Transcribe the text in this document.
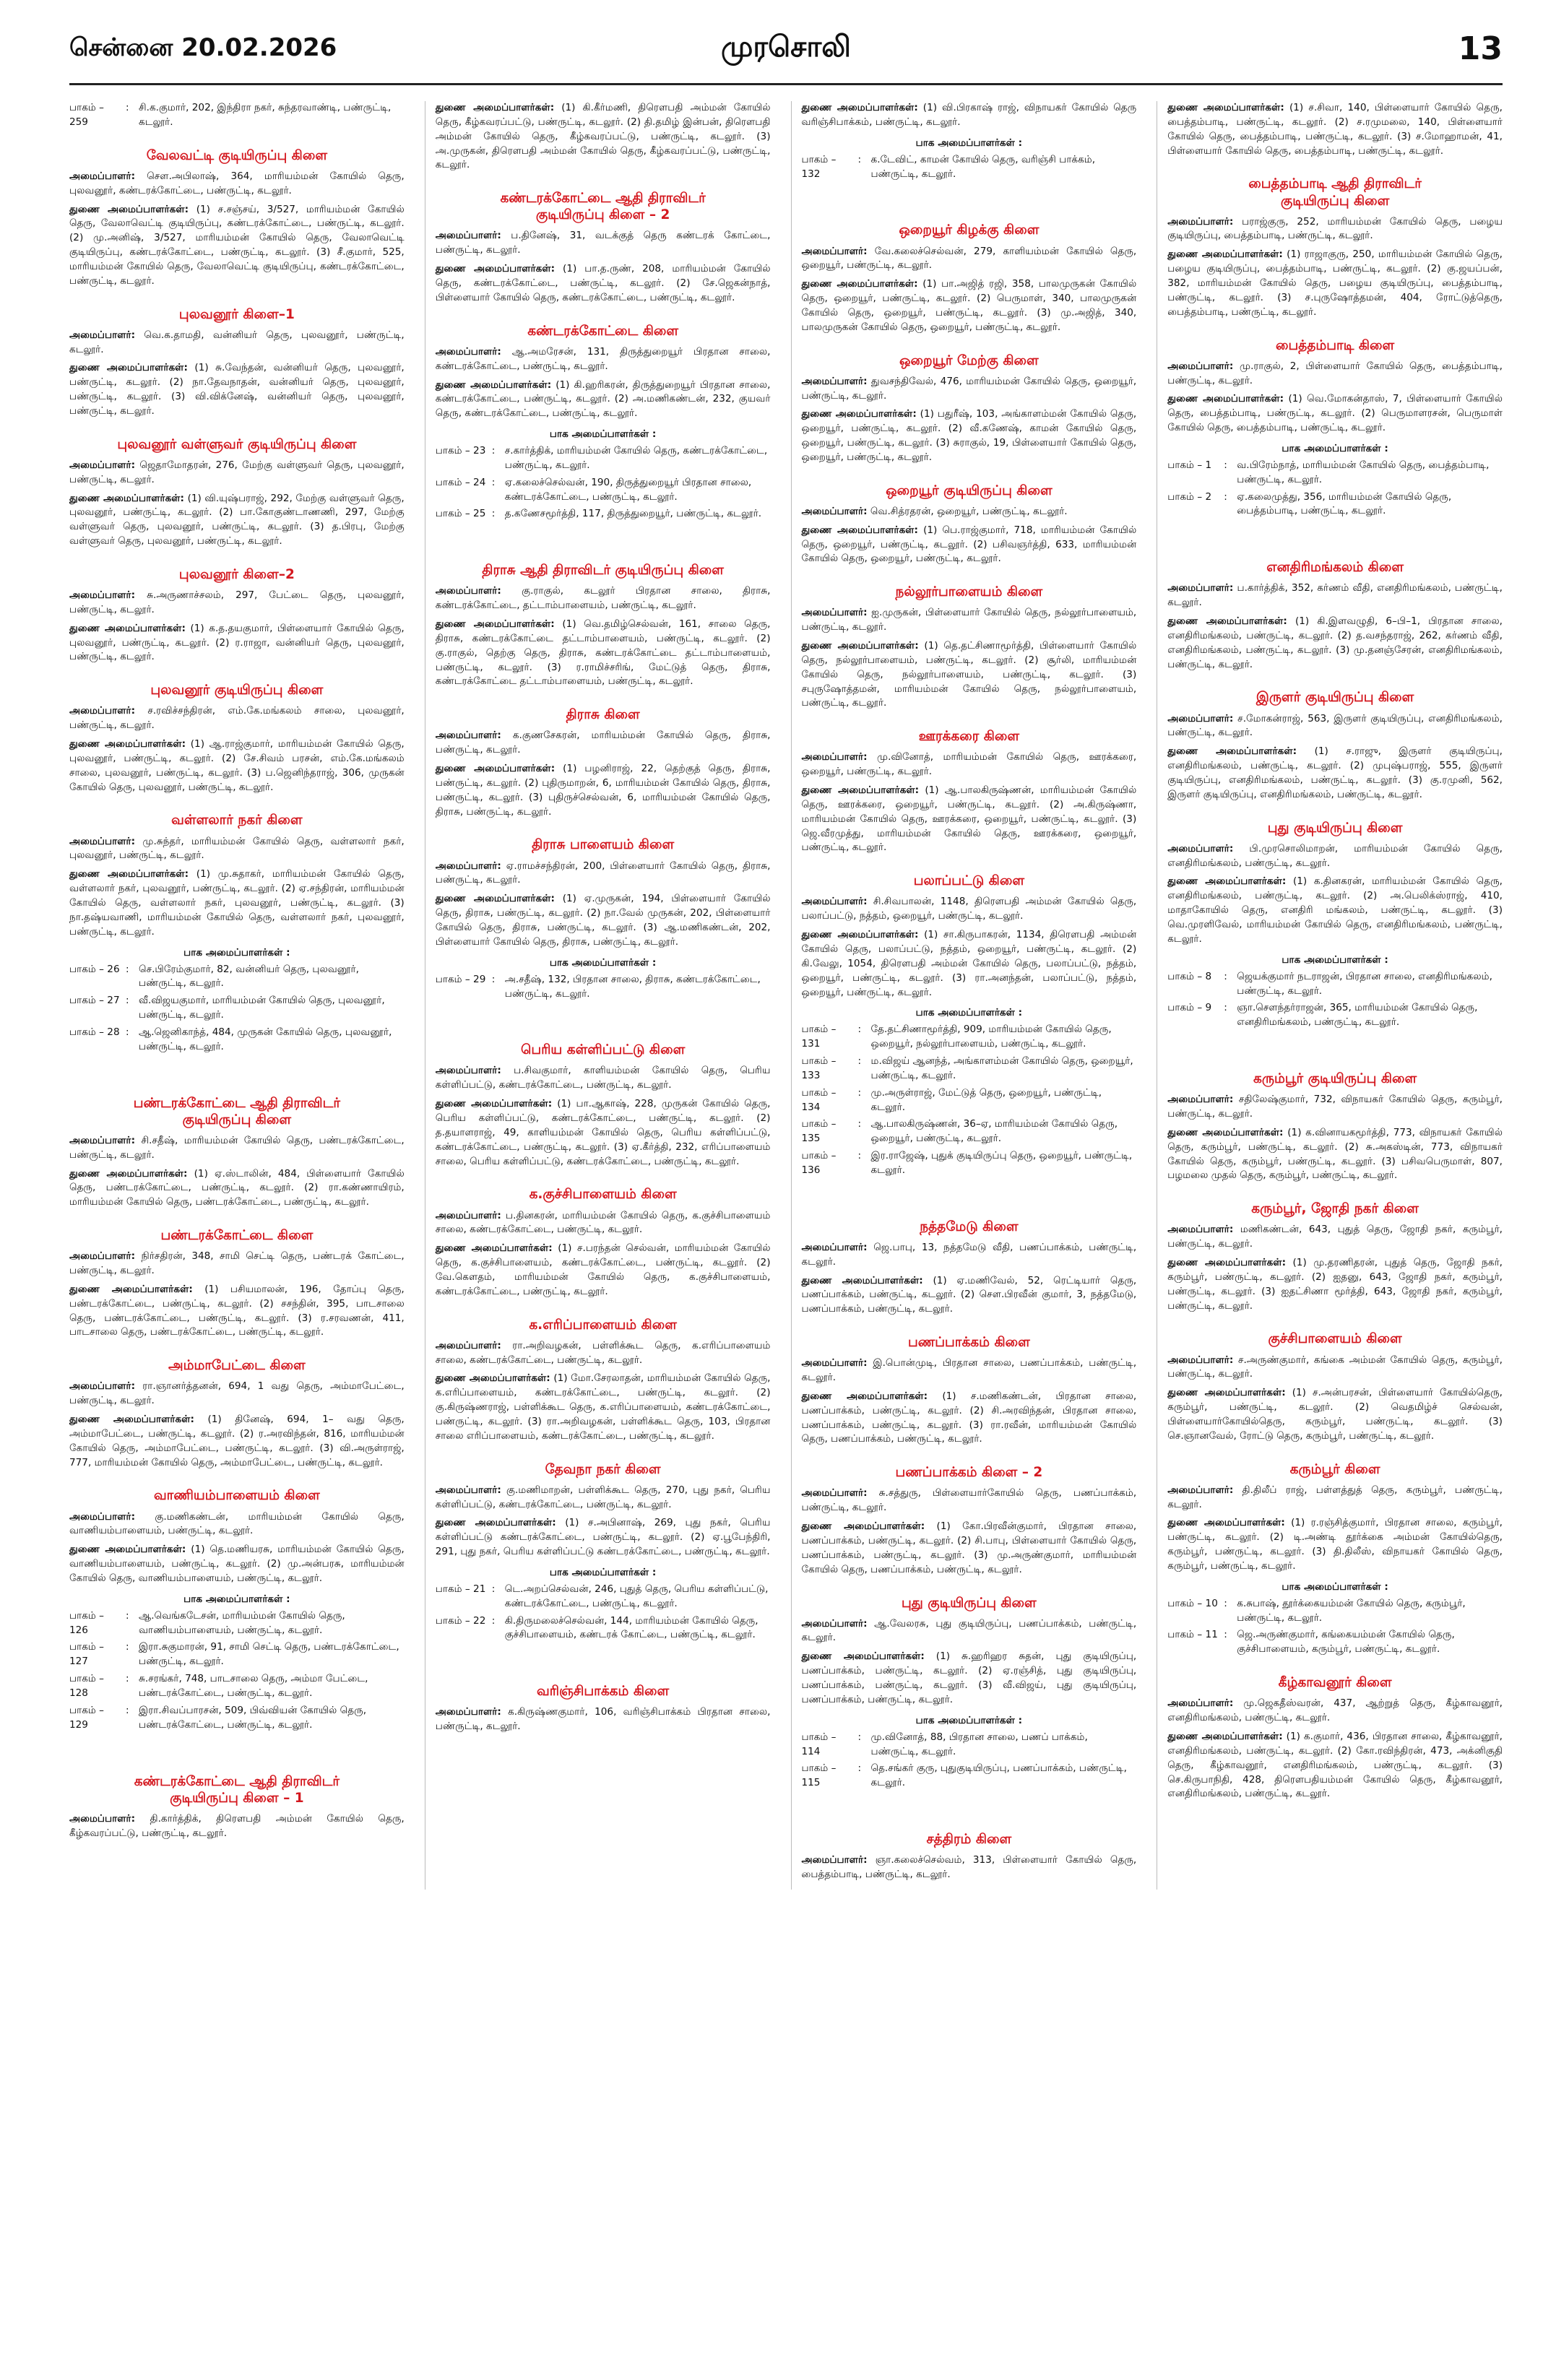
சென்னை 20.02.2026	முரசொலி	13
பாகம் – 259
: சி.க.குமார், 202, இந்திரா நகர், சுந்தரவாண்டி, பண்ருட்டி, கடலூர்.
வேலவட்டி குடியிருப்பு கிளை
அமைப்பாளர்: சௌ.அபிலாஷ், 364, மாரியம்மன் கோயில் தெரு, புலவனூர், கண்டரக்கோட்டை, பண்ருட்டி, கடலூர்.
துணை அமைப்பாளர்கள்: (1) ச.சஞ்சய், 3/527, மாரியம்மன் கோயில் தெரு, வேலாவெட்டி குடியிருப்பு, கண்டரக்கோட்டை, பண்ருட்டி, கடலூர். (2) மு.அனிஷ், 3/527, மாரியம்மன் கோயில் தெரு, வேலாவெட்டி குடியிருப்பு, கண்டரக்கோட்டை, பண்ருட்டி, கடலூர். (3) சீ.குமார், 525, மாரியம்மன் கோயில் தெரு, வேலாவெட்டி குடியிருப்பு, கண்டரக்கோட்டை, பண்ருட்டி, கடலூர்.
புலவனூர் கிளை–1
அமைப்பாளர்: வெ.க.தாமதி, வன்னியர் தெரு, புலவனூர், பண்ருட்டி, கடலூர்.
துணை அமைப்பாளர்கள்: (1) சு.வேந்தன், வன்னியர் தெரு, புலவனூர், பண்ருட்டி, கடலூர். (2) நா.தேவநாதன், வன்னியர் தெரு, புலவனூர், பண்ருட்டி, கடலூர். (3) வி.விக்னேஷ், வன்னியர் தெரு, புலவனூர், பண்ருட்டி, கடலூர்.
புலவனூர் வள்ளுவர் குடியிருப்பு கிளை
அமைப்பாளர்: ஜெதாமோதரன், 276, மேற்கு வள்ளுவர் தெரு, புலவனூர், பண்ருட்டி, கடலூர்.
துணை அமைப்பாளர்கள்: (1) வி.யுஷ்பராஜ், 292, மேற்கு வள்ளுவர் தெரு, புலவனூர், பண்ருட்டி, கடலூர். (2) பா.கோகுண்டாணணி, 297, மேற்கு வள்ளுவர் தெரு, புலவனூர், பண்ருட்டி, கடலூர். (3) த.பிரபு, மேற்கு வள்ளுவர் தெரு, புலவனூர், பண்ருட்டி, கடலூர்.
புலவனூர் கிளை–2
அமைப்பாளர்: சு.அருணாச்சலம், 297, பேட்டை தெரு, புலவனூர், பண்ருட்டி, கடலூர்.
துணை அமைப்பாளர்கள்: (1) க.த.தயகுமார், பிள்ளையார் கோயில் தெரு, புலவனூர், பண்ருட்டி, கடலூர். (2) ர.ராஜா, வன்னியர் தெரு, புலவனூர், பண்ருட்டி, கடலூர்.
புலவனூர் குடியிருப்பு கிளை
அமைப்பாளர்: ச.ரவிச்சந்திரன், எம்.கே.மங்கலம் சாலை, புலவனூர், பண்ருட்டி, கடலூர்.
துணை அமைப்பாளர்கள்: (1) ஆ.ராஜ்குமார், மாரியம்மன் கோயில் தெரு, புலவனூர், பண்ருட்டி, கடலூர். (2) சே.சிவம் பரசன், எம்.கே.மங்கலம் சாலை, புலவனூர், பண்ருட்டி, கடலூர். (3) ப.ஜெனிந்தராஜ், 306, முருகன் கோயில் தெரு, புலவனூர், பண்ருட்டி, கடலூர்.
வள்ளலார் நகர் கிளை
அமைப்பாளர்: மு.சுந்தர், மாரியம்மன் கோயில் தெரு, வள்ளலார் நகர், புலவனூர், பண்ருட்டி, கடலூர்.
துணை அமைப்பாளர்கள்: (1) மு.சுதாகர், மாரியம்மன் கோயில் தெரு, வள்ளலார் நகர், புலவனூர், பண்ருட்டி, கடலூர். (2) ஏ.சந்திரன், மாரியம்மன் கோயில் தெரு, வள்ளலார் நகர், புலவனூர், பண்ருட்டி, கடலூர். (3) நா.தஷ்யவாணி, மாரியம்மன் கோயில் தெரு, வள்ளலார் நகர், புலவனூர், பண்ருட்டி, கடலூர்.
பாக அமைப்பாளர்கள் :
பாகம் – 26 : செ.பிரேம்குமார், 82, வன்னியர் தெரு, புலவனூர், பண்ருட்டி, கடலூர்.
பாகம் – 27 : வீ.விஜயகுமார், மாரியம்மன் கோயில் தெரு, புலவனூர், பண்ருட்டி, கடலூர்.
பாகம் – 28 : ஆ.ஜெனிகாந்த், 484, முருகன் கோயில் தெரு, புலவனூர், பண்ருட்டி, கடலூர்.
பண்டரக்கோட்டை ஆதி திராவிடர்
குடியிருப்பு கிளை
அமைப்பாளர்: சி.சதீஷ், மாரியம்மன் கோயில் தெரு, பண்டரக்கோட்டை, பண்ருட்டி, கடலூர்.
துணை அமைப்பாளர்கள்: (1) ஏ.ஸ்டாலின், 484, பிள்ளையார் கோயில் தெரு, பண்டரக்கோட்டை, பண்ருட்டி, கடலூர். (2) ரா.கண்ணாயிரம், மாரியம்மன் கோயில் தெரு, பண்டரக்கோட்டை, பண்ருட்டி, கடலூர்.
பண்டரக்கோட்டை கிளை
அமைப்பாளர்: நிர்சதிரன், 348, சாமி செட்டி தெரு, பண்டரக் கோட்டை, பண்ருட்டி, கடலூர்.
துணை அமைப்பாளர்கள்: (1) பசியமாலன், 196, தோப்பு தெரு, பண்டரக்கோட்டை, பண்ருட்டி, கடலூர். (2) சசந்தின், 395, பாடசாலை தெரு, பண்டரக்கோட்டை, பண்ருட்டி, கடலூர். (3) ர.சரவணன், 411, பாடசாலை தெரு, பண்டரக்கோட்டை, பண்ருட்டி, கடலூர்.
அம்மாபேட்டை கிளை
அமைப்பாளர்: ரா.ஞானர்த்தனன், 694, 1 வது தெரு, அம்மாபேட்டை, பண்ருட்டி, கடலூர்.
துணை அமைப்பாளர்கள்: (1) தினேஷ், 694, 1– வது தெரு, அம்மாபேட்டை, பண்ருட்டி, கடலூர். (2) ர.அரவிந்தன், 816, மாரியம்மன் கோயில் தெரு, அம்மாபேட்டை, பண்ருட்டி, கடலூர். (3) வி.அருள்ராஜ், 777, மாரியம்மன் கோயில் தெரு, அம்மாபேட்டை, பண்ருட்டி, கடலூர்.
வாணியம்பாளையம் கிளை
அமைப்பாளர்: கு.மணிகண்டன், மாரியம்மன் கோயில் தெரு, வாணியம்பாளையம், பண்ருட்டி, கடலூர்.
துணை அமைப்பாளர்கள்: (1) தெ.மணியரசு, மாரியம்மன் கோயில் தெரு, வாணியம்பாளையம், பண்ருட்டி, கடலூர். (2) மு.அன்பரசு, மாரியம்மன் கோயில் தெரு, வாணியம்பாளையம், பண்ருட்டி, கடலூர்.
பாக அமைப்பாளர்கள் :
பாகம் – 126
: ஆ.வெங்கடேசன், மாரியம்மன் கோயில் தெரு, வாணியம்பாளையம், பண்ருட்டி, கடலூர்.
பாகம் – 127
: இரா.சுகுமாரன், 91, சாமி செட்டி தெரு, பண்டரக்கோட்டை, பண்ருட்டி, கடலூர்.
பாகம் – 128
: சு.சரங்கர், 748, பாடசாலை தெரு, அம்மா பேட்டை, பண்டரக்கோட்டை, பண்ருட்டி, கடலூர்.
பாகம் – 129
: இரா.சிவப்பாரசன், 509, பிவ்வியன் கோயில் தெரு, பண்டரக்கோட்டை, பண்ருட்டி, கடலூர்.
கண்டரக்கோட்டை ஆதி திராவிடர்
குடியிருப்பு கிளை – 1
அமைப்பாளர்: தி.கார்த்திக், திரௌபதி அம்மன் கோயில் தெரு, கீழ்கவரப்பட்டு, பண்ருட்டி, கடலூர்.
துணை அமைப்பாளர்கள்: (1) கி.கீர்மணி, திரௌபதி அம்மன் கோயில் தெரு, கீழ்கவரப்பட்டு, பண்ருட்டி, கடலூர். (2) தி.தமிழ் இன்பன், திரௌபதி அம்மன் கோயில் தெரு, கீழ்கவரப்பட்டு, பண்ருட்டி, கடலூர். (3) அ.முருகன், திரௌபதி அம்மன் கோயில் தெரு, கீழ்கவரப்பட்டு, பண்ருட்டி, கடலூர்.
கண்டரக்கோட்டை ஆதி திராவிடர்
குடியிருப்பு கிளை – 2
அமைப்பாளர்: ப.தினேஷ், 31, வடக்குத் தெரு கண்டரக் கோட்டை, பண்ருட்டி, கடலூர்.
துணை அமைப்பாளர்கள்: (1) பா.த.ருண், 208, மாரியம்மன் கோயில் தெரு, கண்டரக்கோட்டை, பண்ருட்டி, கடலூர். (2) சே.ஜெகன்நாத், பிள்ளையார் கோயில் தெரு, கண்டரக்கோட்டை, பண்ருட்டி, கடலூர்.
கண்டரக்கோட்டை கிளை
அமைப்பாளர்: ஆ.அமரேசன், 131, திருத்துறையூர் பிரதான சாலை, கண்டரக்கோட்டை, பண்ருட்டி, கடலூர்.
துணை அமைப்பாளர்கள்: (1) கி.ஹரிகரன், திருத்துறையூர் பிரதான சாலை, கண்டரக்கோட்டை, பண்ருட்டி, கடலூர். (2) அ.மணிகண்டன், 232, குயவர் தெரு, கண்டரக்கோட்டை, பண்ருட்டி, கடலூர்.
பாக அமைப்பாளர்கள் :
பாகம் – 23 : ச.கார்த்திக், மாரியம்மன் கோயில் தெரு, கண்டரக்கோட்டை, பண்ருட்டி, கடலூர்.
பாகம் – 24 : ஏ.கலைச்செல்வன், 190, திருத்துறையூர் பிரதான சாலை, கண்டரக்கோட்டை, பண்ருட்டி, கடலூர்.
பாகம் – 25 : த.கணேசமூர்த்தி, 117, திருத்துறையூர், பண்ருட்டி, கடலூர்.
திராசு ஆதி திராவிடர் குடியிருப்பு கிளை
அமைப்பாளர்: கு.ராகுல், கடலூர் பிரதான சாலை, திராசு, கண்டரக்கோட்டை, தட்டாம்பாளையம், பண்ருட்டி, கடலூர்.
துணை அமைப்பாளர்கள்: (1) வெ.தமிழ்செல்வன், 161, சாலை தெரு, திராசு, கண்டரக்கோட்டை தட்டாம்பாளையம், பண்ருட்டி, கடலூர். (2) கு.ராகுல், தெற்கு தெரு, திராசு, கண்டரக்கோட்டை தட்டாம்பாளையம், பண்ருட்டி, கடலூர். (3) ர.ராமிச்சரிங், மேட்டுத் தெரு, திராசு, கண்டரக்கோட்டை தட்டாம்பாளையம், பண்ருட்டி, கடலூர்.
திராசு கிளை
அமைப்பாளர்: க.குணசேகரன், மாரியம்மன் கோயில் தெரு, திராசு, பண்ருட்டி, கடலூர்.
துணை அமைப்பாளர்கள்: (1) பழனிராஜ், 22, தெற்குத் தெரு, திராசு, பண்ருட்டி, கடலூர். (2) புதிருமாறன், 6, மாரியம்மன் கோயில் தெரு, திராசு, பண்ருட்டி, கடலூர். (3) புதிருச்செல்வன், 6, மாரியம்மன் கோயில் தெரு, திராசு, பண்ருட்டி, கடலூர்.
திராசு பாளையம் கிளை
அமைப்பாளர்: ஏ.ராமச்சந்திரன், 200, பிள்ளையார் கோயில் தெரு, திராசு, பண்ருட்டி, கடலூர்.
துணை அமைப்பாளர்கள்: (1) ஏ.முருகன், 194, பிள்ளையார் கோயில் தெரு, திராசு, பண்ருட்டி, கடலூர். (2) நா.வேல் முருகன், 202, பிள்ளையார் கோயில் தெரு, திராசு, பண்ருட்டி, கடலூர். (3) ஆ.மணிகண்டன், 202, பிள்ளையார் கோயில் தெரு, திராசு, பண்ருட்டி, கடலூர்.
பாக அமைப்பாளர்கள் :
பாகம் – 29 : அ.சதீஷ், 132, பிரதான சாலை, திராசு, கண்டரக்கோட்டை, பண்ருட்டி, கடலூர்.
பெரிய கள்ளிப்பட்டு கிளை
அமைப்பாளர்: ப.சிவகுமார், காளியம்மன் கோயில் தெரு, பெரிய கள்ளிப்பட்டு, கண்டரக்கோட்டை, பண்ருட்டி, கடலூர்.
துணை அமைப்பாளர்கள்: (1) பா.ஆகாஷ், 228, முருகன் கோயில் தெரு, பெரிய கள்ளிப்பட்டு, கண்டரக்கோட்டை, பண்ருட்டி, கடலூர். (2) த.தயாளராஜ், 49, காளியம்மன் கோயில் தெரு, பெரிய கள்ளிப்பட்டு, கண்டரக்கோட்டை, பண்ருட்டி, கடலூர். (3) ஏ.கீர்த்தி, 232, எரிப்பாளையம் சாலை, பெரிய கள்ளிப்பட்டு, கண்டரக்கோட்டை, பண்ருட்டி, கடலூர்.
க.குச்சிபாளையம் கிளை
அமைப்பாளர்: ப.தினகரன், மாரியம்மன் கோயில் தெரு, க.குச்சிபாளையம் சாலை, கண்டரக்கோட்டை, பண்ருட்டி, கடலூர்.
துணை அமைப்பாளர்கள்: (1) ச.பரந்தன் செல்வன், மாரியம்மன் கோயில் தெரு, க.குச்சிபாளையம், கண்டரக்கோட்டை, பண்ருட்டி, கடலூர். (2) வே.கௌதம், மாரியம்மன் கோயில் தெரு, க.குச்சிபாளையம், கண்டரக்கோட்டை, பண்ருட்டி, கடலூர்.
க.எரிப்பாளையம் கிளை
அமைப்பாளர்: ரா.அறிவழகன், பள்ளிக்கூட தெரு, க.எரிப்பாளையம் சாலை, கண்டரக்கோட்டை, பண்ருட்டி, கடலூர்.
துணை அமைப்பாளர்கள்: (1) மோ.சேரலாதன், மாரியம்மன் கோயில் தெரு, க.எரிப்பாளையம், கண்டரக்கோட்டை, பண்ருட்டி, கடலூர். (2) கு.கிருஷ்ணராஜ், பள்ளிக்கூட தெரு, க.எரிப்பாளையம், கண்டரக்கோட்டை, பண்ருட்டி, கடலூர். (3) ரா.அறிவழகன், பள்ளிக்கூட தெரு, 103, பிரதான சாலை எரிப்பாளையம், கண்டரக்கோட்டை, பண்ருட்டி, கடலூர்.
தேவநா நகர் கிளை
அமைப்பாளர்: கு.மணிமாறன், பள்ளிக்கூட தெரு, 270, புது நகர், பெரிய கள்ளிப்பட்டு, கண்டரக்கோட்டை, பண்ருட்டி, கடலூர்.
துணை அமைப்பாளர்கள்: (1) ச.அபினாஷ், 269, புது நகர், பெரிய கள்ளிப்பட்டு கண்டரக்கோட்டை, பண்ருட்டி, கடலூர். (2) ஏ.பூபேந்திரி, 291, புது நகர், பெரிய கள்ளிப்பட்டு கண்டரக்கோட்டை, பண்ருட்டி, கடலூர்.
பாக அமைப்பாளர்கள் :
பாகம் – 21 : டெ.அறப்செல்வன், 246, புதுத் தெரு, பெரிய கள்ளிப்பட்டு, கண்டரக்கோட்டை, பண்ருட்டி, கடலூர்.
பாகம் – 22 : கி.திருமலைச்செல்வன், 144, மாரியம்மன் கோயில் தெரு, குச்சிபாளையம், கண்டரக் கோட்டை, பண்ருட்டி, கடலூர்.
வரிஞ்சிபாக்கம் கிளை
அமைப்பாளர்: க.கிருஷ்ணகுமார், 106, வரிஞ்சிபாக்கம் பிரதான சாலை, பண்ருட்டி, கடலூர்.
துணை அமைப்பாளர்கள்: (1) வி.பிரகாஷ் ராஜ், விநாயகர் கோயில் தெரு வரிஞ்சிபாக்கம், பண்ருட்டி, கடலூர்.
பாக அமைப்பாளர்கள் :
பாகம் – 132
: க.டேவிட், காமன் கோயில் தெரு, வரிஞ்சி பாக்கம், பண்ருட்டி, கடலூர்.
ஒறையூர் கிழக்கு கிளை
அமைப்பாளர்: வே.கலைச்செல்வன், 279, காளியம்மன் கோயில் தெரு, ஒறையூர், பண்ருட்டி, கடலூர்.
துணை அமைப்பாளர்கள்: (1) பா.அஜித் ரஜி, 358, பாலமுருகன் கோயில் தெரு, ஒறையூர், பண்ருட்டி, கடலூர். (2) பெருமாள், 340, பாலமுருகன் கோயில் தெரு, ஒறையூர், பண்ருட்டி, கடலூர். (3) மு.அஜித், 340, பாலமுருகன் கோயில் தெரு, ஒறையூர், பண்ருட்டி, கடலூர்.
ஒறையூர் மேற்கு கிளை
அமைப்பாளர்: துவசந்திவேல், 476, மாரியம்மன் கோயில் தெரு, ஒறையூர், பண்ருட்டி, கடலூர்.
துணை அமைப்பாளர்கள்: (1) பதுரீஷ், 103, அங்காளம்மன் கோயில் தெரு, ஒறையூர், பண்ருட்டி, கடலூர். (2) வீ.கணேஷ், காமன் கோயில் தெரு, ஒறையூர், பண்ருட்டி, கடலூர். (3) சுராகுல், 19, பிள்ளையார் கோயில் தெரு, ஒறையூர், பண்ருட்டி, கடலூர்.
ஒறையூர் குடியிருப்பு கிளை
அமைப்பாளர்: வெ.சித்ரதரன், ஒறையூர், பண்ருட்டி, கடலூர்.
துணை அமைப்பாளர்கள்: (1) பெ.ராஜ்குமார், 718, மாரியம்மன் கோயில் தெரு, ஒறையூர், பண்ருட்டி, கடலூர். (2) பசிவஞர்த்தி, 633, மாரியம்மன் கோயில் தெரு, ஒறையூர், பண்ருட்டி, கடலூர்.
நல்லூர்பாளையம் கிளை
அமைப்பாளர்: ஐ.முருகன், பிள்ளையார் கோயில் தெரு, நல்லூர்பாளையம், பண்ருட்டி, கடலூர்.
துணை அமைப்பாளர்கள்: (1) தெ.தட்சிணாமூர்த்தி, பிள்ளையார் கோயில் தெரு, நல்லூர்பாளையம், பண்ருட்டி, கடலூர். (2) சூர்லி, மாரியம்மன் கோயில் தெரு, நல்லூர்பாளையம், பண்ருட்டி, கடலூர். (3) சபுருஷோத்தமன், மாரியம்மன் கோயில் தெரு, நல்லூர்பாளையம், பண்ருட்டி, கடலூர்.
ஊரக்கரை கிளை
அமைப்பாளர்: மு.வினோத், மாரியம்மன் கோயில் தெரு, ஊரக்கரை, ஒறையூர், பண்ருட்டி, கடலூர்.
துணை அமைப்பாளர்கள்: (1) ஆ.பாலகிருஷ்ணன், மாரியம்மன் கோயில் தெரு, ஊரக்கரை, ஒறையூர், பண்ருட்டி, கடலூர். (2) அ.கிருஷ்ணா, மாரியம்மன் கோயில் தெரு, ஊரக்கரை, ஒறையூர், பண்ருட்டி, கடலூர். (3) ஜெ.வீரமுத்து, மாரியம்மன் கோயில் தெரு, ஊரக்கரை, ஒறையூர், பண்ருட்டி, கடலூர்.
பலாப்பட்டு கிளை
அமைப்பாளர்: சி.சிவபாலன், 1148, திரௌபதி அம்மன் கோயில் தெரு, பலாப்பட்டு, நத்தம், ஒறையூர், பண்ருட்டி, கடலூர்.
துணை அமைப்பாளர்கள்: (1) சா.கிருபாகரன், 1134, திரௌபதி அம்மன் கோயில் தெரு, பலாப்பட்டு, நத்தம், ஒறையூர், பண்ருட்டி, கடலூர். (2) கி.வேலு, 1054, திரௌபதி அம்மன் கோயில் தெரு, பலாப்பட்டு, நத்தம், ஒறையூர், பண்ருட்டி, கடலூர். (3) ரா.அனந்தன், பலாப்பட்டு, நத்தம், ஒறையூர், பண்ருட்டி, கடலூர்.
பாக அமைப்பாளர்கள் :
பாகம் – 131
: தே.தட்சிணாமூர்த்தி, 909, மாரியம்மன் கோயில் தெரு, ஒறையூர், நல்லூர்பாளையம், பண்ருட்டி, கடலூர்.
பாகம் – 133
: ம.விஜய் ஆனந்த், அங்காளம்மன் கோயில் தெரு, ஒறையூர், பண்ருட்டி, கடலூர்.
பாகம் – 134
: மு.அருள்ராஜ், மேட்டுத் தெரு, ஒறையூர், பண்ருட்டி, கடலூர்.
பாகம் – 135
: ஆ.பாலகிருஷ்ணன், 36–ஏ, மாரியம்மன் கோயில் தெரு, ஒறையூர், பண்ருட்டி, கடலூர்.
பாகம் – 136
: இர.ராஜேஷ், புதுக் குடியிருப்பு தெரு, ஒறையூர், பண்ருட்டி, கடலூர்.
நத்தமேடு கிளை
அமைப்பாளர்: ஜெ.பாபு, 13, நத்தமேடு வீதி, பணப்பாக்கம், பண்ருட்டி, கடலூர்.
துணை அமைப்பாளர்கள்: (1) ஏ.மணிவேல், 52, ரெட்டியார் தெரு, பணப்பாக்கம், பண்ருட்டி, கடலூர். (2) சௌ.பிரவீன் குமார், 3, நத்தமேடு, பணப்பாக்கம், பண்ருட்டி, கடலூர்.
பணப்பாக்கம் கிளை
அமைப்பாளர்: இ.பொன்முடி, பிரதான சாலை, பணப்பாக்கம், பண்ருட்டி, கடலூர்.
துணை அமைப்பாளர்கள்: (1) ச.மணிகண்டன், பிரதான சாலை, பணப்பாக்கம், பண்ருட்டி, கடலூர். (2) சி.அரவிந்தன், பிரதான சாலை, பணப்பாக்கம், பண்ருட்டி, கடலூர். (3) ரா.ரவீன், மாரியம்மன் கோயில் தெரு, பணப்பாக்கம், பண்ருட்டி, கடலூர்.
பணப்பாக்கம் கிளை – 2
அமைப்பாளர்: சு.சத்துரு, பிள்ளையார்கோயில் தெரு, பணப்பாக்கம், பண்ருட்டி, கடலூர்.
துணை அமைப்பாளர்கள்: (1) கோ.பிரவீன்குமார், பிரதான சாலை, பணப்பாக்கம், பண்ருட்டி, கடலூர். (2) சி.பாபு, பிள்ளையார் கோயில் தெரு, பணப்பாக்கம், பண்ருட்டி, கடலூர். (3) மு.அருண்குமார், மாரியம்மன் கோயில் தெரு, பணப்பாக்கம், பண்ருட்டி, கடலூர்.
புது குடியிருப்பு கிளை
அமைப்பாளர்: ஆ.வேலரசு, புது குடியிருப்பு, பணப்பாக்கம், பண்ருட்டி, கடலூர்.
துணை அமைப்பாளர்கள்: (1) சு.ஹரிஹர சுதன், புது குடியிருப்பு, பணப்பாக்கம், பண்ருட்டி, கடலூர். (2) ஏ.ரஞ்சித், புது குடியிருப்பு, பணப்பாக்கம், பண்ருட்டி, கடலூர். (3) வீ.விஜய், புது குடியிருப்பு, பணப்பாக்கம், பண்ருட்டி, கடலூர்.
பாக அமைப்பாளர்கள் :
பாகம் – 114
: மு.வினோத், 88, பிரதான சாலை, பணப் பாக்கம், பண்ருட்டி, கடலூர்.
பாகம் – 115
: தெ.சங்கர் குரு, புதுகுடியிருப்பு, பணப்பாக்கம், பண்ருட்டி, கடலூர்.
சத்திரம் கிளை
அமைப்பாளர்: ஞா.கலைச்செல்வம், 313, பிள்ளையார் கோயில் தெரு, பைத்தம்பாடி, பண்ருட்டி, கடலூர்.
துணை அமைப்பாளர்கள்: (1) ச.சிவா, 140, பிள்ளையார் கோயில் தெரு, பைத்தம்பாடி, பண்ருட்டி, கடலூர். (2) ச.ரமுமலை, 140, பிள்ளையார் கோயில் தெரு, பைத்தம்பாடி, பண்ருட்டி, கடலூர். (3) ச.மோஹாமன், 41, பிள்ளையார் கோயில் தெரு, பைத்தம்பாடி, பண்ருட்டி, கடலூர்.
பைத்தம்பாடி ஆதி திராவிடர்
குடியிருப்பு கிளை
அமைப்பாளர்: பராஜ்குரு, 252, மாரியம்மன் கோயில் தெரு, பழைய குடியிருப்பு, பைத்தம்பாடி, பண்ருட்டி, கடலூர்.
துணை அமைப்பாளர்கள்: (1) ராஜாகுரு, 250, மாரியம்மன் கோயில் தெரு, பழைய குடியிருப்பு, பைத்தம்பாடி, பண்ருட்டி, கடலூர். (2) கு.ஜயப்பன், 382, மாரியம்மன் கோயில் தெரு, பழைய குடியிருப்பு, பைத்தம்பாடி, பண்ருட்டி, கடலூர். (3) ச.புருஷோத்தமன், 404, ரோட்டுத்தெரு, பைத்தம்பாடி, பண்ருட்டி, கடலூர்.
பைத்தம்பாடி கிளை
அமைப்பாளர்: மு.ராகுல், 2, பிள்ளையார் கோயில் தெரு, பைத்தம்பாடி, பண்ருட்டி, கடலூர்.
துணை அமைப்பாளர்கள்: (1) வெ.மோகன்தாஸ், 7, பிள்ளையார் கோயில் தெரு, பைத்தம்பாடி, பண்ருட்டி, கடலூர். (2) பெருமாளரசன், பெருமாள் கோயில் தெரு, பைத்தம்பாடி, பண்ருட்டி, கடலூர்.
பாக அமைப்பாளர்கள் :
பாகம் – 1	: வ.பிரேம்நாத், மாரியம்மன் கோயில் தெரு, பைத்தம்பாடி, பண்ருட்டி, கடலூர்.
பாகம் – 2	: ஏ.கலைமுத்து, 356, மாரியம்மன் கோயில் தெரு, பைத்தம்பாடி, பண்ருட்டி, கடலூர்.
எனதிரிமங்கலம் கிளை
அமைப்பாளர்: ப.கார்த்திக், 352, கர்ணம் வீதி, எனதிரிமங்கலம், பண்ருட்டி, கடலூர்.
துணை அமைப்பாளர்கள்: (1) கி.இளவழுதி, 6–பி–1, பிரதான சாலை, எனதிரிமங்கலம், பண்ருட்டி, கடலூர். (2) த.வசந்தராஜ், 262, கர்ணம் வீதி, எனதிரிமங்கலம், பண்ருட்டி, கடலூர். (3) மு.தனஞ்சேரன், எனதிரிமங்கலம், பண்ருட்டி, கடலூர்.
இருளர் குடியிருப்பு கிளை
அமைப்பாளர்: ச.மோகன்ராஜ், 563, இருளர் குடியிருப்பு, எனதிரிமங்கலம், பண்ருட்டி, கடலூர்.
துணை அமைப்பாளர்கள்: (1) ச.ராஜு, இருளர் குடியிருப்பு, எனதிரிமங்கலம், பண்ருட்டி, கடலூர். (2) முபுஷ்பராஜ், 555, இருளர் குடியிருப்பு, எனதிரிமங்கலம், பண்ருட்டி, கடலூர். (3) கு.ரமுனி, 562, இருளர் குடியிருப்பு, எனதிரிமங்கலம், பண்ருட்டி, கடலூர்.
புது குடியிருப்பு கிளை
அமைப்பாளர்: பி.முரசொலிமாறன், மாரியம்மன் கோயில் தெரு, எனதிரிமங்கலம், பண்ருட்டி, கடலூர்.
துணை அமைப்பாளர்கள்: (1) க.தினகரன், மாரியம்மன் கோயில் தெரு, எனதிரிமங்கலம், பண்ருட்டி, கடலூர். (2) அ.பெலிக்ஸ்ராஜ், 410, மாதாகோயில் தெரு, எனதிரி மங்கலம், பண்ருட்டி, கடலூர். (3) வெ.முரளிவேல், மாரியம்மன் கோயில் தெரு, எனதிரிமங்கலம், பண்ருட்டி, கடலூர்.
பாக அமைப்பாளர்கள் :
பாகம் – 8	: ஜெயக்குமார் நடராஜன், பிரதான சாலை, எனதிரிமங்கலம், பண்ருட்டி, கடலூர்.
பாகம் – 9	: ஞா.சௌந்தர்ராஜன், 365, மாரியம்மன் கோயில் தெரு, எனதிரிமங்கலம், பண்ருட்டி, கடலூர்.
கரும்பூர் குடியிருப்பு கிளை
அமைப்பாளர்: சதிலேஷ்குமார், 732, விநாயகர் கோயில் தெரு, கரும்பூர், பண்ருட்டி, கடலூர்.
துணை அமைப்பாளர்கள்: (1) க.வினாயகமூர்த்தி, 773, விநாயகர் கோயில் தெரு, கரும்பூர், பண்ருட்டி, கடலூர். (2) சு.அகஸ்டின், 773, விநாயகர் கோயில் தெரு, கரும்பூர், பண்ருட்டி, கடலூர். (3) பசிவபெருமாள், 807, பழமலை முதல் தெரு, கரும்பூர், பண்ருட்டி, கடலூர்.
கரும்பூர், ஜோதி நகர் கிளை
அமைப்பாளர்: மணிகண்டன், 643, புதுத் தெரு, ஜோதி நகர், கரும்பூர், பண்ருட்டி, கடலூர்.
துணை அமைப்பாளர்கள்: (1) மு.தரணிதரன், புதுத் தெரு, ஜோதி நகர், கரும்பூர், பண்ருட்டி, கடலூர். (2) ஐதனு, 643, ஜோதி நகர், கரும்பூர், பண்ருட்டி, கடலூர். (3) ஐதட்சிணா மூர்த்தி, 643, ஜோதி நகர், கரும்பூர், பண்ருட்டி, கடலூர்.
குச்சிபாளையம் கிளை
அமைப்பாளர்: ச.அருண்குமார், கங்கை அம்மன் கோயில் தெரு, கரும்பூர், பண்ருட்டி, கடலூர்.
துணை அமைப்பாளர்கள்: (1) ச.அன்பரசன், பிள்ளையார் கோயில்தெரு, கரும்பூர், பண்ருட்டி, கடலூர். (2) வெதமிழ்ச் செல்வன், பிள்ளையார்கோயில்தெரு, கரும்பூர், பண்ருட்டி, கடலூர். (3) செ.ஞானவேல், ரோட்டு தெரு, கரும்பூர், பண்ருட்டி, கடலூர்.
கரும்பூர் கிளை
அமைப்பாளர்: தி.திலீப் ராஜ், பள்ளத்துத் தெரு, கரும்பூர், பண்ருட்டி, கடலூர்.
துணை அமைப்பாளர்கள்: (1) ர.ரஞ்சித்குமார், பிரதான சாலை, கரும்பூர், பண்ருட்டி, கடலூர். (2) டி.அண்டி தூர்க்கை அம்மன் கோயில்தெரு, கரும்பூர், பண்ருட்டி, கடலூர். (3) தி.திலீஸ், விநாயகர் கோயில் தெரு, கரும்பூர், பண்ருட்டி, கடலூர்.
பாக அமைப்பாளர்கள் :
பாகம் – 10 : க.சுபாஷ், தூர்க்கையம்மன் கோயில் தெரு, கரும்பூர், பண்ருட்டி, கடலூர்.
பாகம் – 11 : ஜெ.அருண்குமார், கங்கையம்மன் கோயில் தெரு, குச்சிபாளையம், கரும்பூர், பண்ருட்டி, கடலூர்.
கீழ்காவனூர் கிளை
அமைப்பாளர்: மு.ஜெகதீஸ்வரன், 437, ஆற்றுத் தெரு, கீழ்காவனூர், எனதிரிமங்கலம், பண்ருட்டி, கடலூர்.
துணை அமைப்பாளர்கள்: (1) க.குமார், 436, பிரதான சாலை, கீழ்காவனூர், எனதிரிமங்கலம், பண்ருட்டி, கடலூர். (2) கோ.ரவிந்திரன், 473, அக்னிகுதி தெரு, கீழ்காவனூர், எனதிரிமங்கலம், பண்ருட்டி, கடலூர். (3) செ.கிருபாநிதி, 428, திரௌபதியம்மன் கோயில் தெரு, கீழ்காவனூர், எனதிரிமங்கலம், பண்ருட்டி, கடலூர்.
